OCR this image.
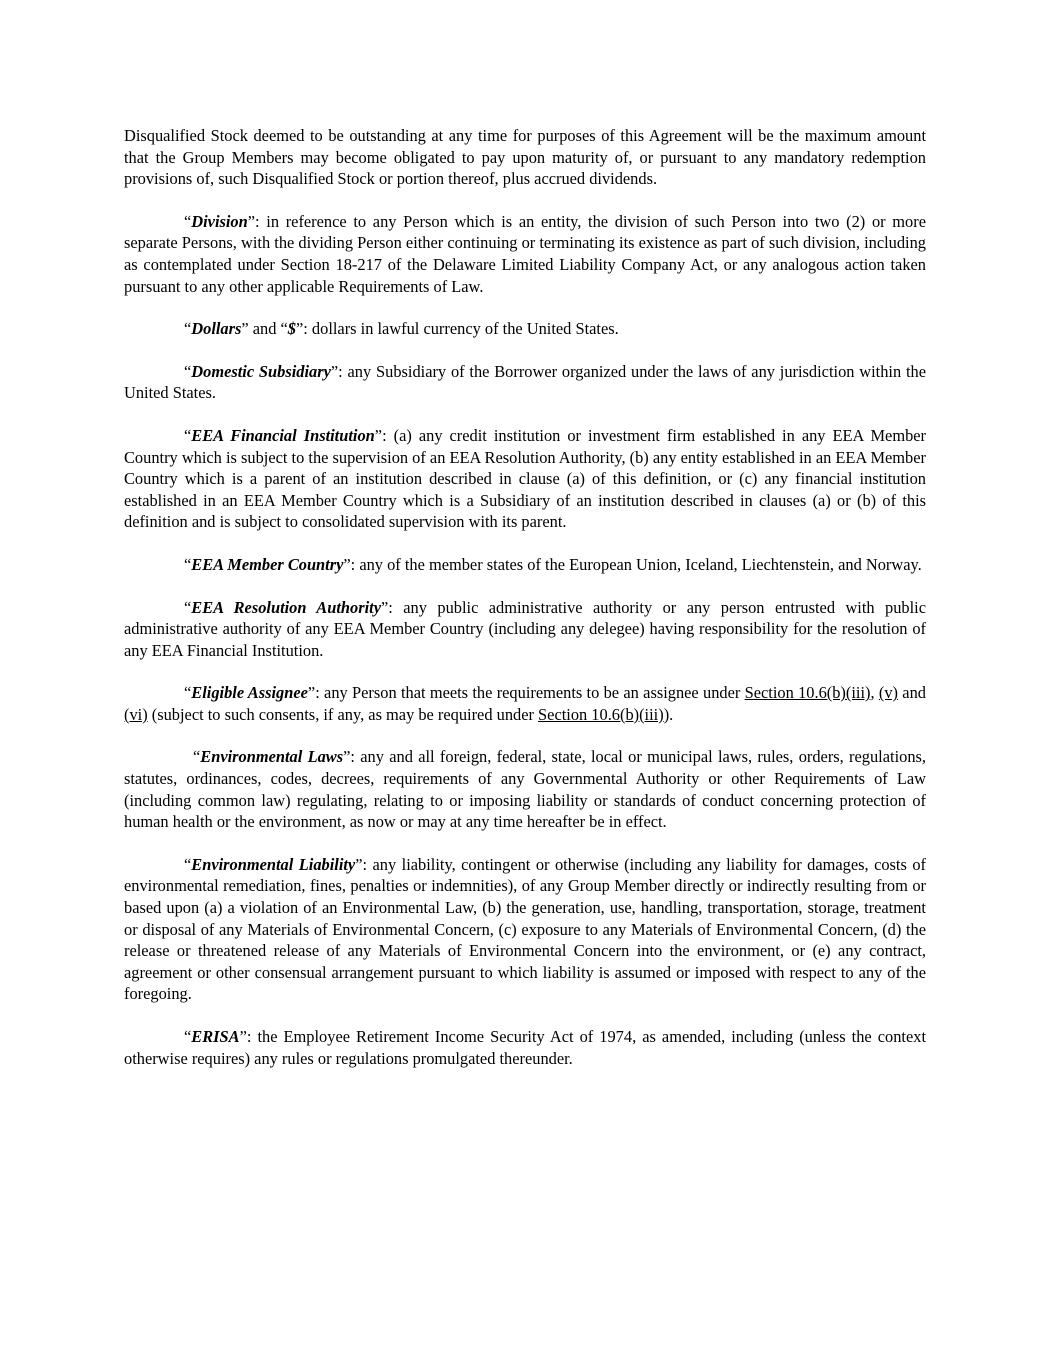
Disqualified Stock deemed to be outstanding at any time for purposes of this Agreement will be the maximum amount that the Group Members may become obligated to pay upon maturity of, or pursuant to any mandatory redemption provisions of, such Disqualified Stock or portion thereof, plus accrued dividends.

“Division”: in reference to any Person which is an entity, the division of such Person into two (2) or more separate Persons, with the dividing Person either continuing or terminating its existence as part of such division, including as contemplated under Section 18-217 of the Delaware Limited Liability Company Act, or any analogous action taken pursuant to any other applicable Requirements of Law.

“Dollars” and “$”: dollars in lawful currency of the United States.

“Domestic Subsidiary”: any Subsidiary of the Borrower organized under the laws of any jurisdiction within the United States.

“EEA Financial Institution”: (a) any credit institution or investment firm established in any EEA Member Country which is subject to the supervision of an EEA Resolution Authority, (b) any entity established in an EEA Member Country which is a parent of an institution described in clause (a) of this definition, or (c) any financial institution established in an EEA Member Country which is a Subsidiary of an institution described in clauses (a) or (b) of this definition and is subject to consolidated supervision with its parent.

“EEA Member Country”: any of the member states of the European Union, Iceland, Liechtenstein, and Norway.

“EEA Resolution Authority”: any public administrative authority or any person entrusted with public administrative authority of any EEA Member Country (including any delegee) having responsibility for the resolution of any EEA Financial Institution.

“Eligible Assignee”: any Person that meets the requirements to be an assignee under Section 10.6(b)(iii), (v) and (vi) (subject to such consents, if any, as may be required under Section 10.6(b)(iii)).

“Environmental Laws”: any and all foreign, federal, state, local or municipal laws, rules, orders, regulations, statutes, ordinances, codes, decrees, requirements of any Governmental Authority or other Requirements of Law (including common law) regulating, relating to or imposing liability or standards of conduct concerning protection of human health or the environment, as now or may at any time hereafter be in effect.

“Environmental Liability”: any liability, contingent or otherwise (including any liability for damages, costs of environmental remediation, fines, penalties or indemnities), of any Group Member directly or indirectly resulting from or based upon (a) a violation of an Environmental Law, (b) the generation, use, handling, transportation, storage, treatment or disposal of any Materials of Environmental Concern, (c) exposure to any Materials of Environmental Concern, (d) the release or threatened release of any Materials of Environmental Concern into the environment, or (e) any contract, agreement or other consensual arrangement pursuant to which liability is assumed or imposed with respect to any of the foregoing.

“ERISA”: the Employee Retirement Income Security Act of 1974, as amended, including (unless the context otherwise requires) any rules or regulations promulgated thereunder.
